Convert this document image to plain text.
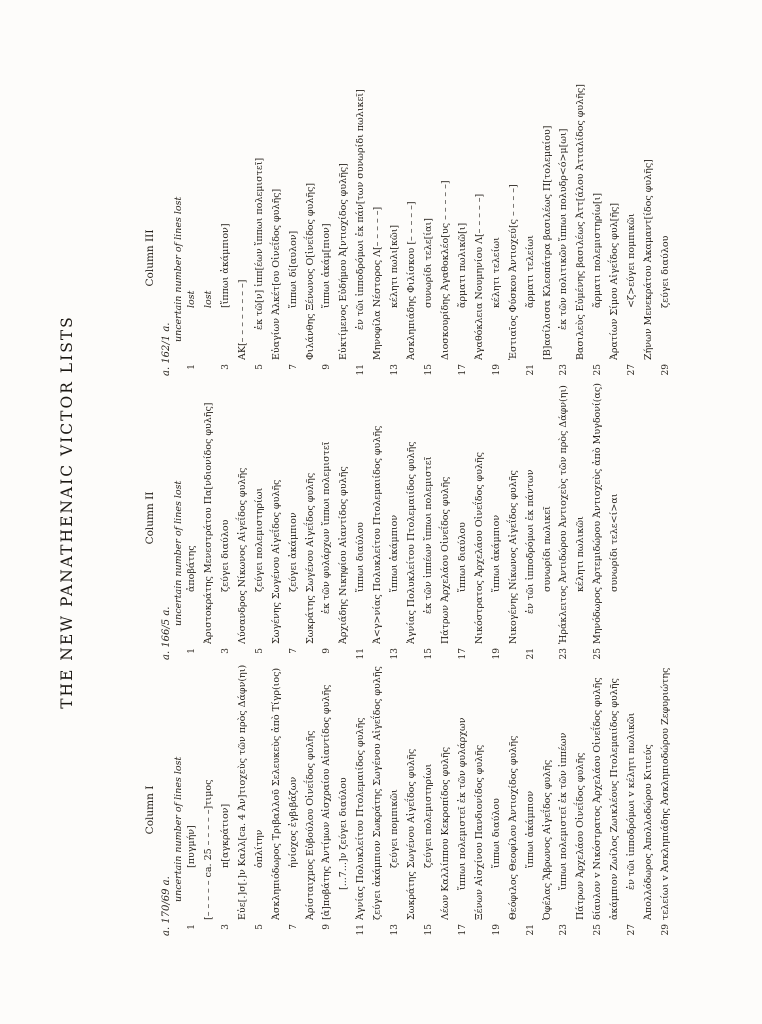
THE NEW PANATHENAIC VICTOR LISTS
Column I
a. 170/69 a.
uncertain number of lines lost
1
[πυγμήν] [– – – – – ca. 25 – – – – –]τιμος
3
π[αγκράτιον] Εὐε[.]σ[.]ν Καλλ[ca. 4 Ἀν]τιοχεὺς τῶν πρὸς Δάφν(ηι)
5
ὁπλίτην Ἀσκληπιόδωρος Τριβαλλοῦ Σελευκεὺς ἀπὸ Τίγρ(ιος)
7
ἡνίοχος ἐγβιβάζων Ἀρίσταιχμος Εὐβούλου Οἰνεΐδος φυλῆς
9
[ἀ]ποβάτης Ἀντίμων Αἰσχραίου Αἰαντίδος φυλῆς [...7...]ν ζεύγει διαύλου
11
Ἁγνίας Πολυκλείτου Πτολεμαιίδος φυλῆς ζεύγει ἀκάμπιον Σωκράτης Σωγένου Αἰγεΐδος φυλῆς
13
ζεύγει πομπικῶι Σωκράτης Σωγένου Αἰγεΐδος φυλῆς
15
ζεύγει πολεμιστηρίωι Λέων Καλλίππου Κεκροπίδος φυλῆς
17
ἵππωι πολεμιστεῖ ἐκ τῶν φυλάρχων Ξένων Αἰσχίνου Πανδιονίδος φυλῆς
19
ἵππωι διαύλου Θεόφιλος Θεοφίλου Ἀντιοχίδος φυλῆς
21
ἵππωι ἀκάμπιον Ὀφέλας Ἅβρωνος Αἰγεΐδος φυλῆς
23
ἵππωι πολεμιστεῖ ἐκ τῶν ἱππέων Πάτρων Ἀρχελάου Οἰνεΐδος φυλῆς
25
δίαυλον v Νικόστρατος Ἀρχελάου Οἰνεΐδος φυλῆς ἀκάμπιον Ζωίλος Ζωικλέους Πτολεμαιίδος φυλῆς
27
ἐν τῶι ἱπποδρόμωι v κέλητι πωλικῶι Ἀπολλόδωρος Ἀπολλοδώρου Κιτιεύς
29
τελείωι v Ἀσκληπιάδης Ἀσκληπιοδώρου Ζεφυριώτης
Column II
a. 166/5 a.
uncertain number of lines lost
1
ἀποβάτης Ἀριστοκράτης Μενεστράτου Πα[νδιονίδος φυλῆς]
3
ζεύγει διαύλου Λύσανδρος Νίκωνος Αἰγεΐδος φυλῆς
5
ζεύγει πολεμιστηρίωι Σωγένης Σωγένου Αἰγεΐδος φυλῆς
7
ζεύγει ἀκάμπιον Σωκράτης Σωγένου Αἰγεΐδος φυλῆς
9
ἐκ τῶν φυλάρχων ἵππωι πολεμιστεῖ Ἀρχιάδης Νικηφίου Αἰαντίδος φυλῆς
11
ἵππωι διαύλου Ἀ<γ>νίας Πολυκλείτου Πτολεμαιίδος φυλῆς
13
ἵππωι ἀκάμπιον Ἁγνίας Πολυκλείτου Πτολεμαιίδος φυλῆς
15
ἐκ τῶν ἱππέων ἵππωι πολεμιστεῖ Πάτρων Ἀρχελάου Οἰνεΐδος φυλῆς
17
ἵππωι διαύλου Νικόστρατος Ἀρχελάου Οἰνεΐδος φυλῆς
19
ἵππωι ἀκάμπιον Νικογένης Νίκωνος Αἰγεΐδος φυλῆς
21
ἐν τῶι ἱπποδρόμωι ἐκ πάντων συνωρίδι πωλικεῖ
23
Ἡράκλειτος Ἀντιδώρου Ἀντιοχεὺς τῶν πρὸς Δάφν(ηι) κέλητι πωλικῶι
25
Μηνόδωρος Ἀρτεμιδώρου Ἀντιοχεὺς ἀπὸ Μυγδονί(ας) συνωρίδι τελε<ί>αι
Column III
a. 162/1 a.
uncertain number of lines lost
1
lost lost
3
[ἵππωι ἀκάμπιον]
ΑΚ[– – – – – – – –]
5
ἐκ τῶ[ν] ἱππ[έων ἵππωι πολεμιστεῖ] Εὐαγίων Ἀλκέτ[ου Οἰνεΐδος φυλῆς]
7
ἵππωι δί[αυλον] Φιλάνθης Ξένωνος Ο[ἰνεΐδος φυλῆς]
9
ἵππωι ἀκάμ[πιον] Εὐκτίμενος Εὐδήμου Ἀ[ντιοχίδος φυλῆς]
11
ἐν τῶι ἱπποδρόμωι ἐκ πάν[των συνωρίδι πωλικεῖ] Μηνοφίλα Νέστορος Λ[– – – – –]
13
κέλητι πωλι[κῶι] Ἀσκληπιάδης Φιλίσκου [– – – – –]
15
συνωρίδι τελε[ίαι] Διοσκουρίδης Ἀγαθοκλέο[υς – – – – –]
17
ἅρματι πωλικῶ[ι] Ἀγαθόκλεια Νουμηνίου Λ[– – – – –]
19
κέλητι τελείωι Ἑστιαῖος Φύσκου Ἀντιοχεύ[ς – – – –]
21
ἅρματι τελείωι [Β]ασίλισσα Κλεοπάτρα βασιλέως Π[τολεμαίου]
23
ἐκ τῶν πολιτικῶν ἵππωι πολυδρ<ό>μ[ωι] Βασιλεὺς Εὐμένης βασιλέως Ἀττ[άλου Ἀτταλίδος φυλῆς]
25
ἅρματι πολεμιστηρίω[ι] Ἀρατίων Σίμου Αἰγεΐδος φυλ[ῆς]
27
<ζ>εύγει πομπικῶι Ζήνων Μενεκράτου Ἀκαμαντ[ίδος φυλῆς]
29
ζεύγει διαύλου
